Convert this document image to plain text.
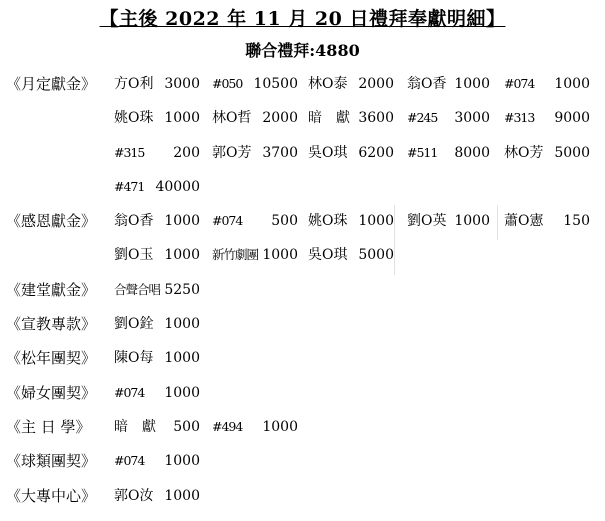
【主後 2022 年 11 月 20 日禮拜奉獻明細】
聯合禮拜:4880
《月定獻金》 方O利 3000 #050 10500 林O泰 2000 翁O香 1000 #074 1000
姚O珠 1000 林O哲 2000 暗　獻 3600 #245 3000 #313 9000
#315 200 郭O芳 3700 吳O琪 6200 #511 8000 林O芳 5000
#471 40000
《感恩獻金》 翁O香 1000 #074 500 姚O珠 1000 劉O英 1000 蕭O憲 150
劉O玉 1000 新竹劇團 1000 吳O琪 5000
《建堂獻金》 合聲合唱 5250
《宣教專款》 劉O銓 1000
《松年團契》 陳O每 1000
《婦女團契》 #074 1000
《主 日 學》 暗　獻 500 #494 1000
《球類團契》 #074 1000
《大專中心》 郭O汝 1000
